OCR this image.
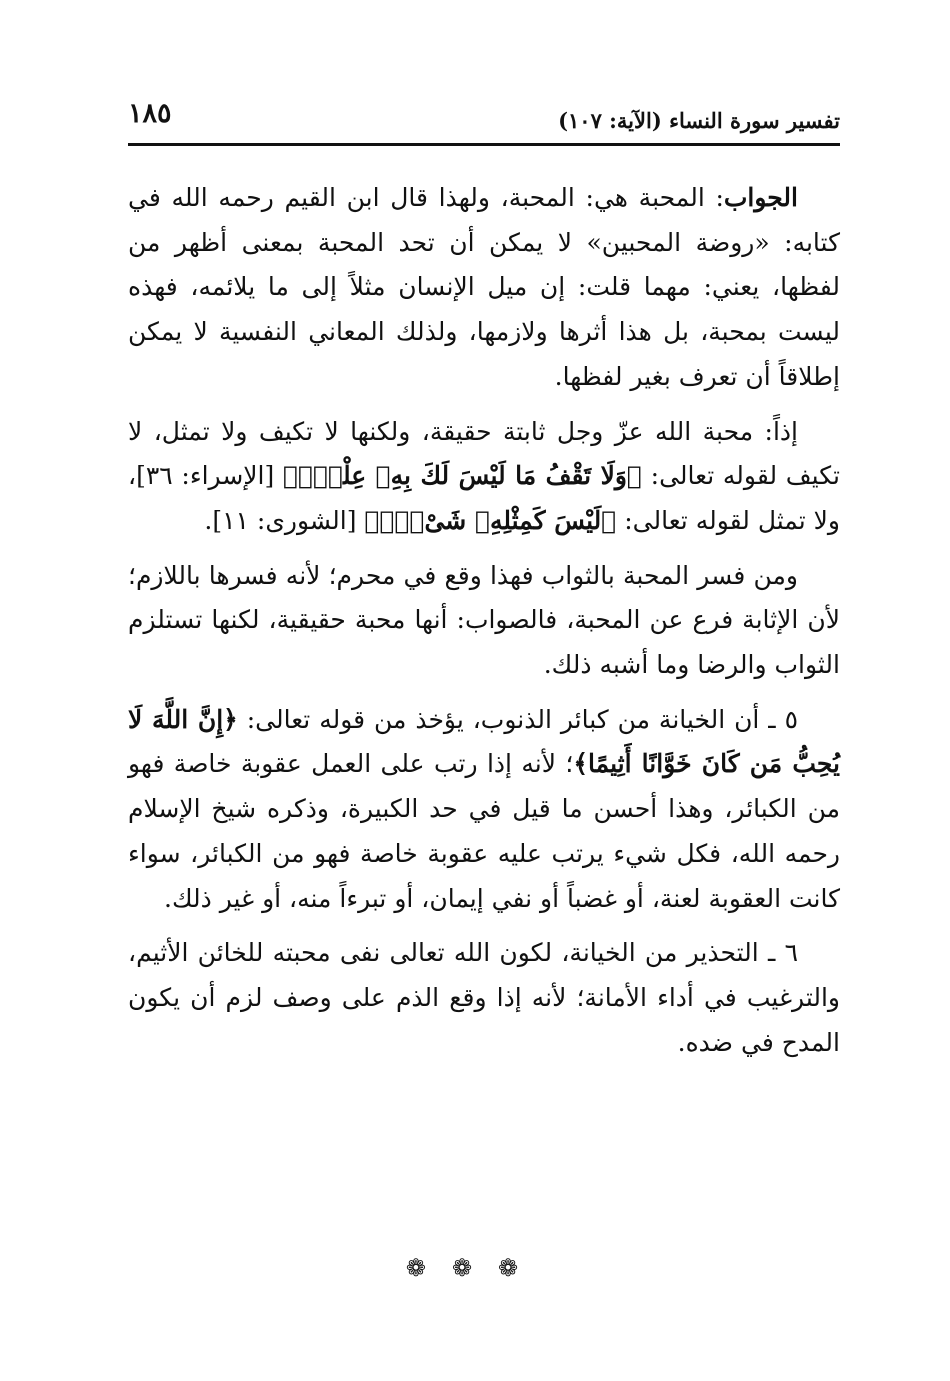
تفسير سورة النساء (الآية: ١٠٧)
١٨٥

الجواب: المحبة هي: المحبة، ولهذا قال ابن القيم رحمه الله في كتابه: «روضة المحبين» لا يمكن أن تحد المحبة بمعنى أظهر من لفظها، يعني: مهما قلت: إن ميل الإنسان مثلاً إلى ما يلائمه، فهذه ليست بمحبة، بل هذا أثرها ولازمها، ولذلك المعاني النفسية لا يمكن إطلاقاً أن تعرف بغير لفظها.

إذاً: محبة الله عزّ وجل ثابتة حقيقة، ولكنها لا تكيف ولا تمثل، لا تكيف لقوله تعالى: ﴿وَلَا تَقْفُ مَا لَيْسَ لَكَ بِهِۦ عِلْمٌۚ﴾ [الإسراء: ٣٦]، ولا تمثل لقوله تعالى: ﴿لَيْسَ كَمِثْلِهِۦ شَىْءٌۖ﴾ [الشورى: ١١].

ومن فسر المحبة بالثواب فهذا وقع في محرم؛ لأنه فسرها باللازم؛ لأن الإثابة فرع عن المحبة، فالصواب: أنها محبة حقيقية، لكنها تستلزم الثواب والرضا وما أشبه ذلك.

٥ ـ أن الخيانة من كبائر الذنوب، يؤخذ من قوله تعالى: ﴿إِنَّ اللَّهَ لَا يُحِبُّ مَن كَانَ خَوَّانًا أَثِيمًا﴾؛ لأنه إذا رتب على العمل عقوبة خاصة فهو من الكبائر، وهذا أحسن ما قيل في حد الكبيرة، وذكره شيخ الإسلام رحمه الله، فكل شيء يرتب عليه عقوبة خاصة فهو من الكبائر، سواء كانت العقوبة لعنة، أو غضباً أو نفي إيمان، أو تبرءاً منه، أو غير ذلك.

٦ ـ التحذير من الخيانة، لكون الله تعالى نفى محبته للخائن الأثيم، والترغيب في أداء الأمانة؛ لأنه إذا وقع الذم على وصف لزم أن يكون المدح في ضده.

❁❁❁
